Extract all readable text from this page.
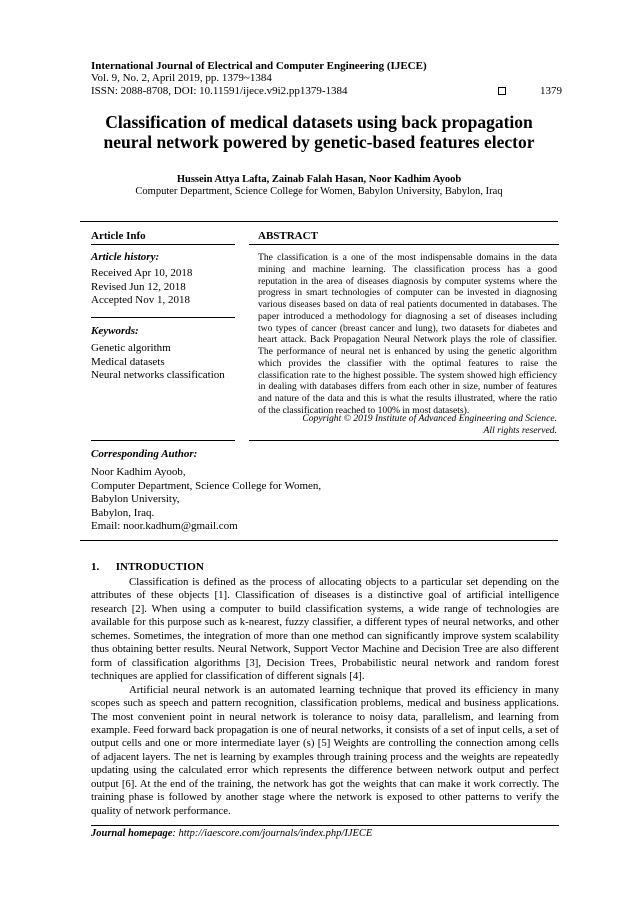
International Journal of Electrical and Computer Engineering (IJECE)
Vol. 9, No. 2, April 2019, pp. 1379~1384
ISSN: 2088-8708, DOI: 10.11591/ijece.v9i2.pp1379-1384	1379
Classification of medical datasets using back propagation
neural network powered by genetic-based features elector
Hussein Attya Lafta, Zainab Falah Hasan, Noor Kadhim Ayoob
Computer Department, Science College for Women, Babylon University, Babylon, Iraq
Article Info	ABSTRACT
Article history:
Received Apr 10, 2018
Revised Jun 12, 2018
Accepted Nov 1, 2018
Keywords:
Genetic algorithm
Medical datasets
Neural networks classification
The classification is a one of the most indispensable domains in the data mining and machine learning. The classification process has a good reputation in the area of diseases diagnosis by computer systems where the progress in smart technologies of computer can be invested in diagnosing various diseases based on data of real patients documented in databases. The paper introduced a methodology for diagnosing a set of diseases including two types of cancer (breast cancer and lung), two datasets for diabetes and heart attack. Back Propagation Neural Network plays the role of classifier. The performance of neural net is enhanced by using the genetic algorithm which provides the classifier with the optimal features to raise the classification rate to the highest possible. The system showed high efficiency in dealing with databases differs from each other in size, number of features and nature of the data and this is what the results illustrated, where the ratio of the classification reached to 100% in most datasets).
Copyright © 2019 Institute of Advanced Engineering and Science.
All rights reserved.
Corresponding Author:
Noor Kadhim Ayoob,
Computer Department, Science College for Women,
Babylon University,
Babylon, Iraq.
Email: noor.kadhum@gmail.com
1.      INTRODUCTION

Classification is defined as the process of allocating objects to a particular set depending on the attributes of these objects [1]. Classification of diseases is a distinctive goal of artificial intelligence research [2]. When using a computer to build classification systems, a wide range of technologies are available for this purpose such as k-nearest, fuzzy classifier, a different types of neural networks, and other schemes. Sometimes, the integration of more than one method can significantly improve system scalability thus obtaining better results. Neural Network, Support Vector Machine and Decision Tree are also different form of classification algorithms [3], Decision Trees, Probabilistic neural network and random forest techniques are applied for classification of different signals [4].

Artificial neural network is an automated learning technique that proved its efficiency in many scopes such as speech and pattern recognition, classification problems, medical and business applications. The most convenient point in neural network is tolerance to noisy data, parallelism, and learning from example. Feed forward back propagation is one of neural networks, it consists of a set of input cells, a set of output cells and one or more intermediate layer (s) [5] Weights are controlling the connection among cells of adjacent layers. The net is learning by examples through training process and the weights are repeatedly updating using the calculated error which represents the difference between network output and perfect output [6]. At the end of the training, the network has got the weights that can make it work correctly. The training phase is followed by another stage where the network is exposed to other patterns to verify the quality of network performance.

Journal homepage: http://iaescore.com/journals/index.php/IJECE
